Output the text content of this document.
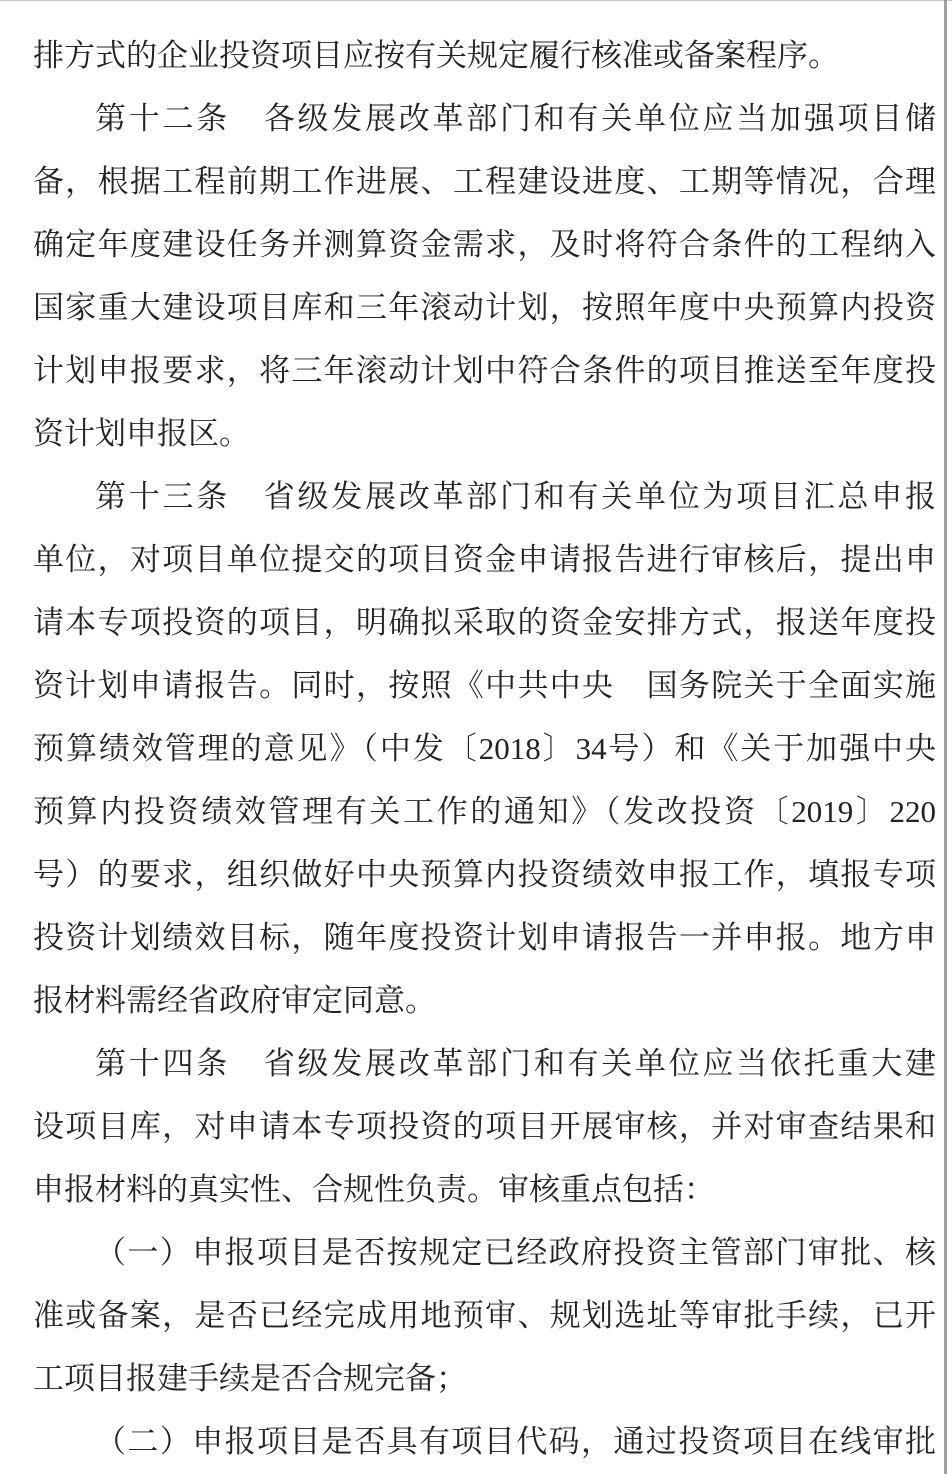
排方式的企业投资项目应按有关规定履行核准或备案程序。
第十二条　各级发展改革部门和有关单位应当加强项目储
备，根据工程前期工作进展、工程建设进度、工期等情况，合理
确定年度建设任务并测算资金需求，及时将符合条件的工程纳入
国家重大建设项目库和三年滚动计划，按照年度中央预算内投资
计划申报要求，将三年滚动计划中符合条件的项目推送至年度投
资计划申报区。
第十三条　省级发展改革部门和有关单位为项目汇总申报
单位，对项目单位提交的项目资金申请报告进行审核后，提出申
请本专项投资的项目，明确拟采取的资金安排方式，报送年度投
资计划申请报告。同时，按照《中共中央　国务院关于全面实施
预算绩效管理的意见》（中发〔2018〕34号）和《关于加强中央
预算内投资绩效管理有关工作的通知》（发改投资〔2019〕220
号）的要求，组织做好中央预算内投资绩效申报工作，填报专项
投资计划绩效目标，随年度投资计划申请报告一并申报。地方申
报材料需经省政府审定同意。
第十四条　省级发展改革部门和有关单位应当依托重大建
设项目库，对申请本专项投资的项目开展审核，并对审查结果和
申报材料的真实性、合规性负责。审核重点包括：
（一）申报项目是否按规定已经政府投资主管部门审批、核
准或备案，是否已经完成用地预审、规划选址等审批手续，已开
工项目报建手续是否合规完备；
（二）申报项目是否具有项目代码，通过投资项目在线审批
